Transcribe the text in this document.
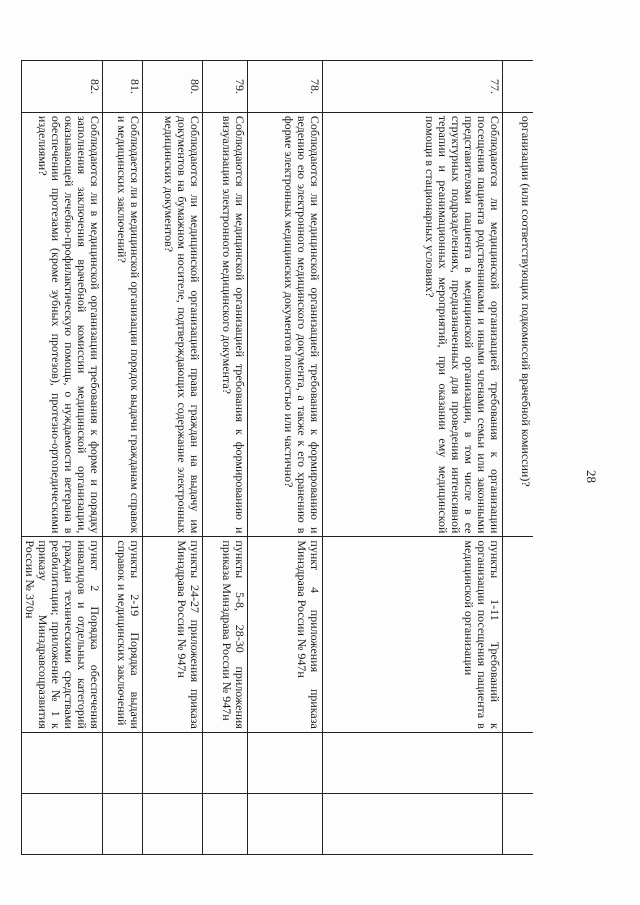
28
	организации (или соответствующих подкомиссий врачебной комиссии)?			
77.	Соблюдаются ли медицинской организацией требования к организации посещения пациента родственниками и иными членами семьи или законными представителями пациента в медицинской организации, в том числе в ее структурных подразделениях, предназначенных для проведения интенсивной терапии и реанимационных мероприятий, при оказании ему медицинской помощи в стационарных условиях?	пункты 1-11 Требований к организации посещения пациента в медицинской организации		
78.	Соблюдаются ли медицинской организацией требования к формированию и ведению ею электронного медицинского документа, а также к его хранению в форме электронных медицинских документов полностью или частично?	пункт 4 приложения приказа Минздрава России № 947н		
79.	Соблюдаются ли медицинской организацией требования к формированию и визуализации электронного медицинского документа?	пункты 5-8, 28-30 приложения приказа Минздрава России № 947н		
80.	Соблюдаются ли медицинской организацией права граждан на выдачу им документов на бумажном носителе, подтверждающих содержание электронных медицинских документов?	пункты 24-27 приложения приказа Минздрава России № 947н		
81.	Соблюдается ли в медицинской организации порядок выдачи гражданам справок и медицинских заключений?	пункты 2-19 Порядка выдачи справок и медицинских заключений		
82.	Соблюдаются ли в медицинской организации требования к форме и порядку заполнения заключения врачебной комиссии медицинской организации, оказывающей лечебно-профилактическую помощь, о нуждаемости ветерана в обеспечении протезами (кроме зубных протезов), протезно-ортопедическими изделиями?	пункт 2 Порядка обеспечения инвалидов и отдельных категорий граждан техническими средствами реабилитации; приложение № 1 к приказу Минздравсоцразвития России № 370н		
